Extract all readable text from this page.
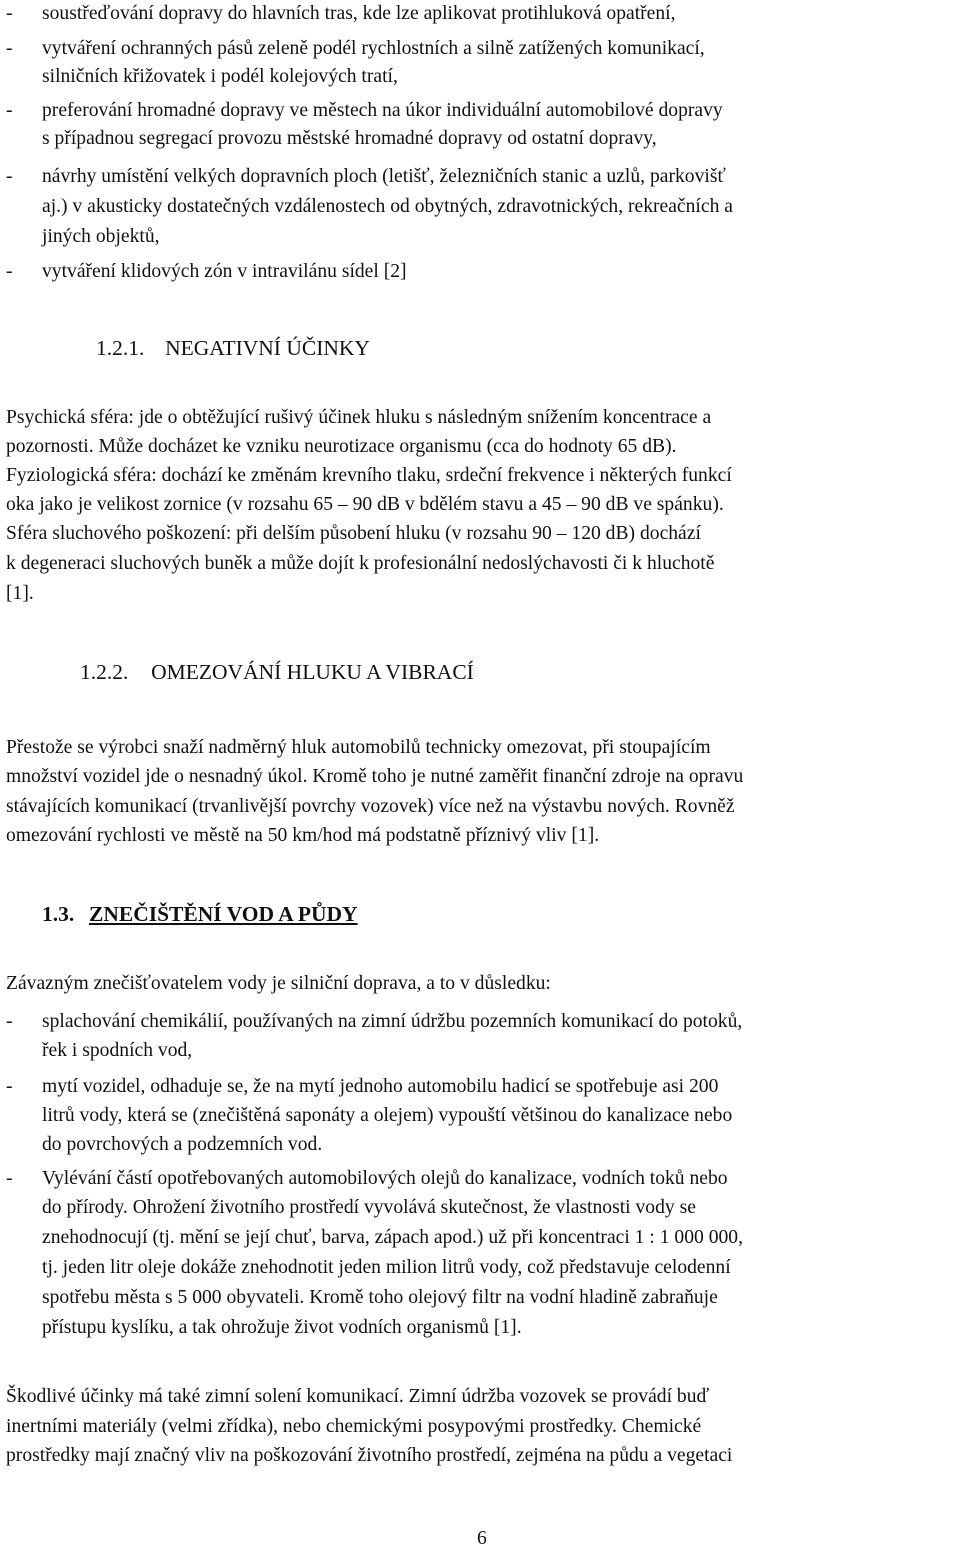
- soustřeďování dopravy do hlavních tras, kde lze aplikovat protihluková opatření,
- vytváření ochranných pásů zeleně podél rychlostních a silně zatížených komunikací,
silničních křižovatek i podél kolejových tratí,
- preferování hromadné dopravy ve městech na úkor individuální automobilové dopravy
s případnou segregací provozu městské hromadné dopravy od ostatní dopravy,
- návrhy umístění velkých dopravních ploch (letišť, železničních stanic a uzlů, parkovišť
aj.) v akusticky dostatečných vzdálenostech od obytných, zdravotnických, rekreačních a
jiných objektů,
- vytváření klidových zón v intravilánu sídel [2]
1.2.1. NEGATIVNÍ ÚČINKY
Psychická sféra: jde o obtěžující rušivý účinek hluku s následným snížením koncentrace a
pozornosti. Může docházet ke vzniku neurotizace organismu (cca do hodnoty 65 dB).
Fyziologická sféra: dochází ke změnám krevního tlaku, srdeční frekvence i některých funkcí
oka jako je velikost zornice (v rozsahu 65 – 90 dB v bdělém stavu a 45 – 90 dB ve spánku).
Sféra sluchového poškození: při delším působení hluku (v rozsahu 90 – 120 dB) dochází
k degeneraci sluchových buněk a může dojít k profesionální nedoslýchavosti či k hluchotě
[1].
1.2.2. OMEZOVÁNÍ HLUKU A VIBRACÍ
Přestože se výrobci snaží nadměrný hluk automobilů technicky omezovat, při stoupajícím
množství vozidel jde o nesnadný úkol. Kromě toho je nutné zaměřit finanční zdroje na opravu
stávajících komunikací (trvanlivější povrchy vozovek) více než na výstavbu nových. Rovněž
omezování rychlosti ve městě na 50 km/hod má podstatně příznivý vliv [1].
1.3. ZNEČIŠTĚNÍ VOD A PŮDY
Závazným znečišťovatelem vody je silniční doprava, a to v důsledku:
- splachování chemikálií, používaných na zimní údržbu pozemních komunikací do potoků,
řek i spodních vod,
- mytí vozidel, odhaduje se, že na mytí jednoho automobilu hadicí se spotřebuje asi 200
litrů vody, která se (znečištěná saponáty a olejem) vypouští většinou do kanalizace nebo
do povrchových a podzemních vod.
- Vylévání částí opotřebovaných automobilových olejů do kanalizace, vodních toků nebo
do přírody. Ohrožení životního prostředí vyvolává skutečnost, že vlastnosti vody se
znehodnocují (tj. mění se její chuť, barva, zápach apod.) už při koncentraci 1 : 1 000 000,
tj. jeden litr oleje dokáže znehodnotit jeden milion litrů vody, což představuje celodenní
spotřebu města s 5 000 obyvateli. Kromě toho olejový filtr na vodní hladině zabraňuje
přístupu kyslíku, a tak ohrožuje život vodních organismů [1].
Škodlivé účinky má také zimní solení komunikací. Zimní údržba vozovek se provádí buď
inertními materiály (velmi zřídka), nebo chemickými posypovými prostředky. Chemické
prostředky mají značný vliv na poškozování životního prostředí, zejména na půdu a vegetaci
6
